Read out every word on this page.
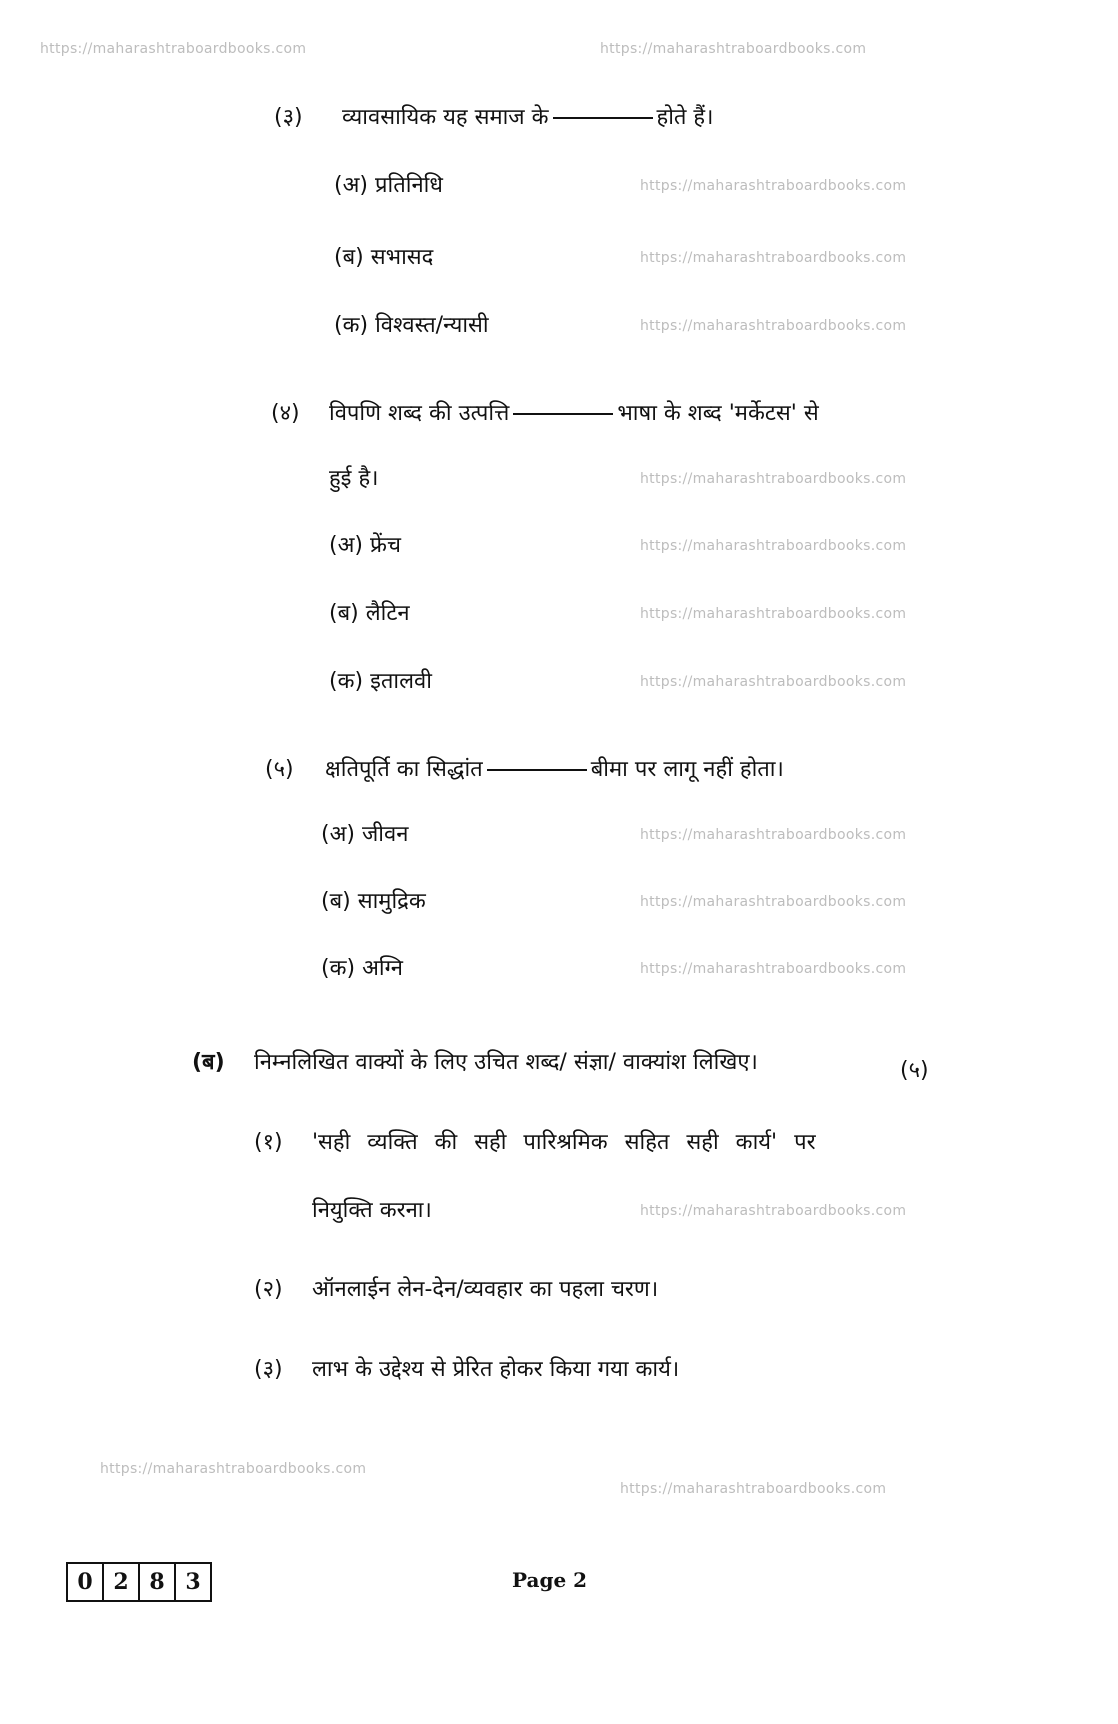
https://maharashtraboardbooks.com	https://maharashtraboardbooks.com
https://maharashtraboardbooks.com
https://maharashtraboardbooks.com
https://maharashtraboardbooks.com
https://maharashtraboardbooks.com
https://maharashtraboardbooks.com
https://maharashtraboardbooks.com
https://maharashtraboardbooks.com
https://maharashtraboardbooks.com
https://maharashtraboardbooks.com
https://maharashtraboardbooks.com
https://maharashtraboardbooks.com
https://maharashtraboardbooks.com
https://maharashtraboardbooks.com
(३) व्यावसायिक यह समाज के	होते हैं।
(अ) प्रतिनिधि
(ब) सभासद
(क) विश्वस्त/न्यासी
(४) विपणि शब्द की उत्पत्ति	भाषा के शब्द 'मर्केटस' से
हुई है।
(अ) फ्रेंच
(ब) लैटिन
(क) इतालवी
(५) क्षतिपूर्ति का सिद्धांत	बीमा पर लागू नहीं होता।
(अ) जीवन
(ब) सामुद्रिक
(क) अग्नि
(ब) निम्नलिखित वाक्यों के लिए उचित शब्द/ संज्ञा/ वाक्यांश लिखिए।	(५)
(१) 'सही व्यक्ति की सही पारिश्रमिक सहित सही कार्य' पर
नियुक्ति करना।
(२) ऑनलाईन लेन-देन/व्यवहार का पहला चरण।
(३) लाभ के उद्देश्य से प्रेरित होकर किया गया कार्य।
0 2 8 3	Page 2
